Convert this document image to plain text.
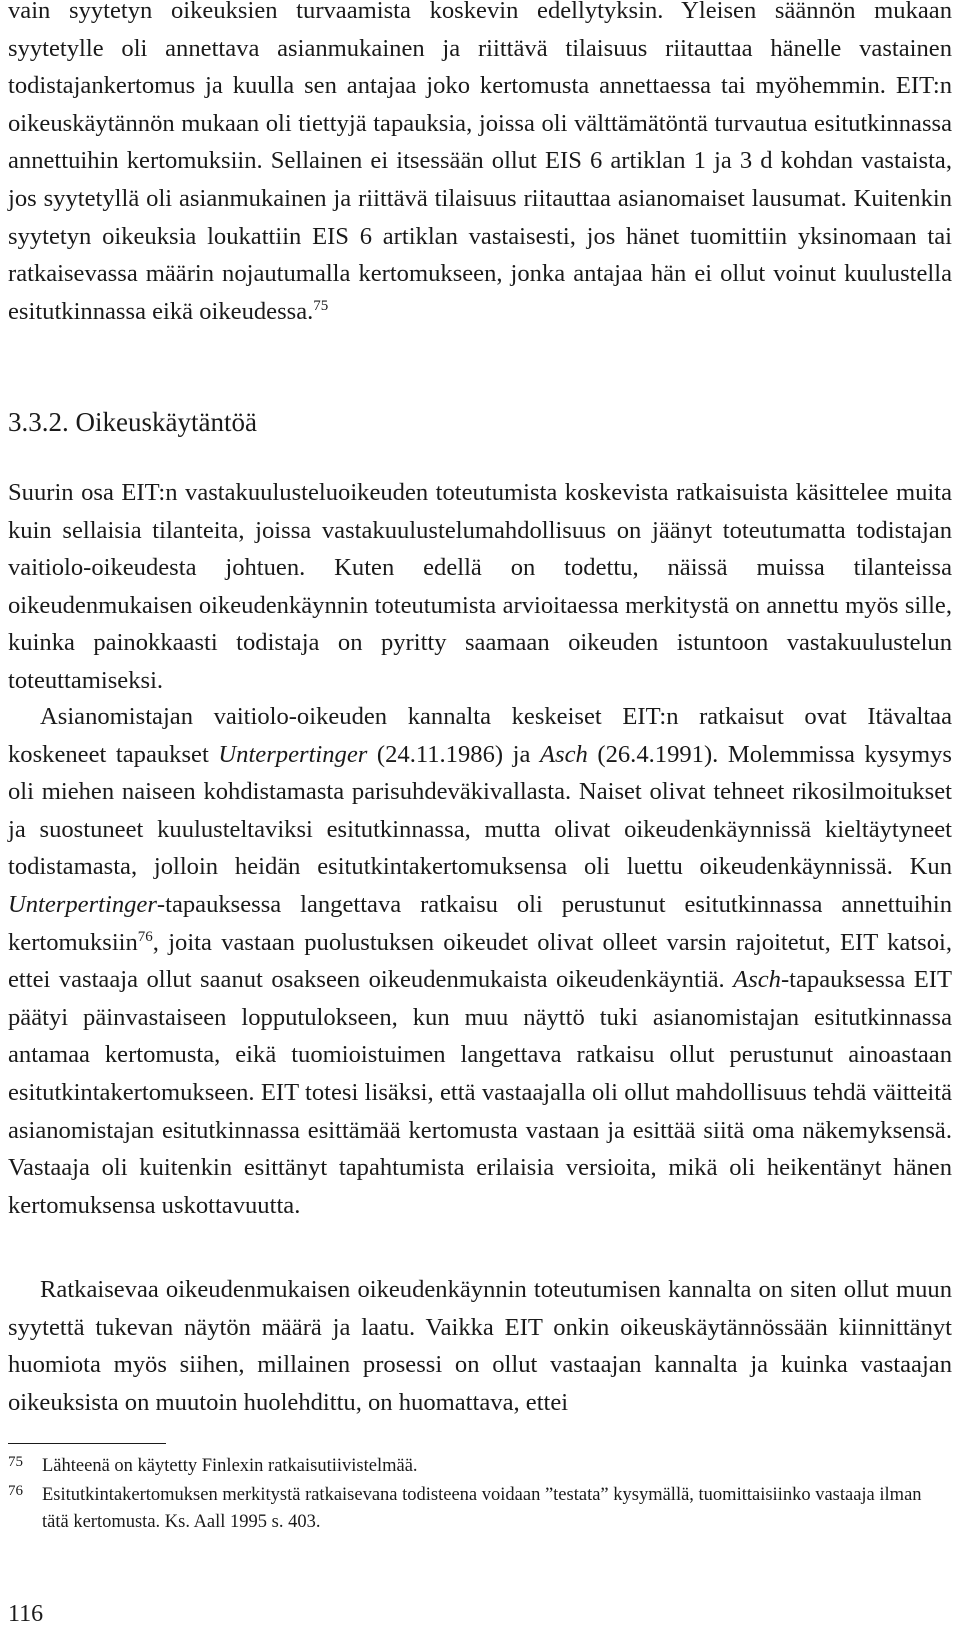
vain syytetyn oikeuksien turvaamista koskevin edellytyksin. Yleisen säännön mukaan syytetylle oli annettava asianmukainen ja riittävä tilaisuus riitauttaa hänelle vastainen todistajankertomus ja kuulla sen antajaa joko kertomusta annettaessa tai myöhemmin. EIT:n oikeuskäytännön mukaan oli tiettyjä tapauksia, joissa oli välttämätöntä turvautua esitutkinnassa annettuihin kertomuksiin. Sellainen ei itsessään ollut EIS 6 artiklan 1 ja 3 d kohdan vastaista, jos syytetyllä oli asianmukainen ja riittävä tilaisuus riitauttaa asianomaiset lausumat. Kuitenkin syytetyn oikeuksia loukattiin EIS 6 artiklan vastaisesti, jos hänet tuomittiin yksinomaan tai ratkaisevassa määrin nojautumalla kertomukseen, jonka antajaa hän ei ollut voinut kuulustella esitutkinnassa eikä oikeudessa.$^{75}$

3.3.2. Oikeuskäytäntöä

Suurin osa EIT:n vastakuulusteluoikeuden toteutumista koskevista ratkaisuista käsittelee muita kuin sellaisia tilanteita, joissa vastakuulustelumahdollisuus on jäänyt toteutumatta todistajan vaitiolo-oikeudesta johtuen. Kuten edellä on todettu, näissä muissa tilanteissa oikeudenmukaisen oikeudenkäynnin toteutumista arvioitaessa merkitystä on annettu myös sille, kuinka painokkaasti todistaja on pyritty saamaan oikeuden istuntoon vastakuulustelun toteuttamiseksi.

Asianomistajan vaitiolo-oikeuden kannalta keskeiset EIT:n ratkaisut ovat Itävaltaa koskeneet tapaukset Unterpertinger (24.11.1986) ja Asch (26.4.1991). Molemmissa kysymys oli miehen naiseen kohdistamasta parisuhdeväkivallasta. Naiset olivat tehneet rikosilmoitukset ja suostuneet kuulusteltaviksi esitutkinnassa, mutta olivat oikeudenkäynnissä kieltäytyneet todistamasta, jolloin heidän esitutkintakertomuksensa oli luettu oikeudenkäynnissä. Kun Unterpertinger-tapauksessa langettava ratkaisu oli perustunut esitutkinnassa annettuihin kertomuksiin$^{76}$, joita vastaan puolustuksen oikeudet olivat olleet varsin rajoitetut, EIT katsoi, ettei vastaaja ollut saanut osakseen oikeudenmukaista oikeudenkäyntiä. Asch-tapauksessa EIT päätyi päinvastaiseen lopputulokseen, kun muu näyttö tuki asianomistajan esitutkinnassa antamaa kertomusta, eikä tuomioistuimen langettava ratkaisu ollut perustunut ainoastaan esitutkintakertomukseen. EIT totesi lisäksi, että vastaajalla oli ollut mahdollisuus tehdä väitteitä asianomistajan esitutkinnassa esittämää kertomusta vastaan ja esittää siitä oma näkemyksensä. Vastaaja oli kuitenkin esittänyt tapahtumista erilaisia versioita, mikä oli heikentänyt hänen kertomuksensa uskottavuutta.

Ratkaisevaa oikeudenmukaisen oikeudenkäynnin toteutumisen kannalta on siten ollut muun syytettä tukevan näytön määrä ja laatu. Vaikka EIT onkin oikeuskäytännössään kiinnittänyt huomiota myös siihen, millainen prosessi on ollut vastaajan kannalta ja kuinka vastaajan oikeuksista on muutoin huolehdittu, on huomattava, ettei

75 Lähteenä on käytetty Finlexin ratkaisutiivistelmää.

76 Esitutkintakertomuksen merkitystä ratkaisevana todisteena voidaan ”testata” kysymällä, tuomittaisiinko vastaaja ilman tätä kertomusta. Ks. Aall 1995 s. 403.

116
